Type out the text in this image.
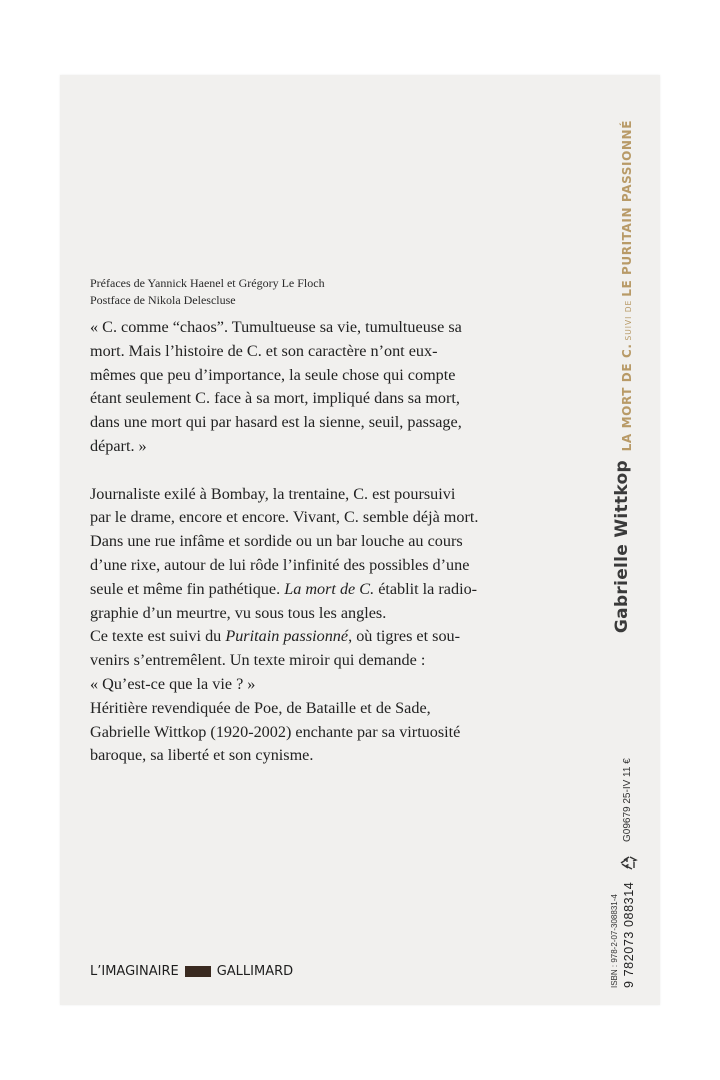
Préfaces de Yannick Haenel et Grégory Le Floch
Postface de Nikola Delescluse
« C. comme “chaos”. Tumultueuse sa vie, tumultueuse sa
mort. Mais l’histoire de C. et son caractère n’ont eux-
mêmes que peu d’importance, la seule chose qui compte
étant seulement C. face à sa mort, impliqué dans sa mort,
dans une mort qui par hasard est la sienne, seuil, passage,
départ. »
Journaliste exilé à Bombay, la trentaine, C. est poursuivi
par le drame, encore et encore. Vivant, C. semble déjà mort.
Dans une rue infâme et sordide ou un bar louche au cours
d’une rixe, autour de lui rôde l’infinité des possibles d’une
seule et même fin pathétique. La mort de C. établit la radio-
graphie d’un meurtre, vu sous tous les angles.
Ce texte est suivi du Puritain passionné, où tigres et sou-
venirs s’entremêlent. Un texte miroir qui demande :
« Qu’est-ce que la vie ? »
Héritière revendiquée de Poe, de Bataille et de Sade,
Gabrielle Wittkop (1920-2002) enchante par sa virtuosité
baroque, sa liberté et son cynisme.
Gabrielle Wittkop
LA MORT DE C.SUIVI DELE PURITAIN PASSIONNÉ
ISBN : 978-2-07-308831-4 9 782073 088314
G09679 25-IV 11 €
L’IMAGINAIRE	GALLIMARD
